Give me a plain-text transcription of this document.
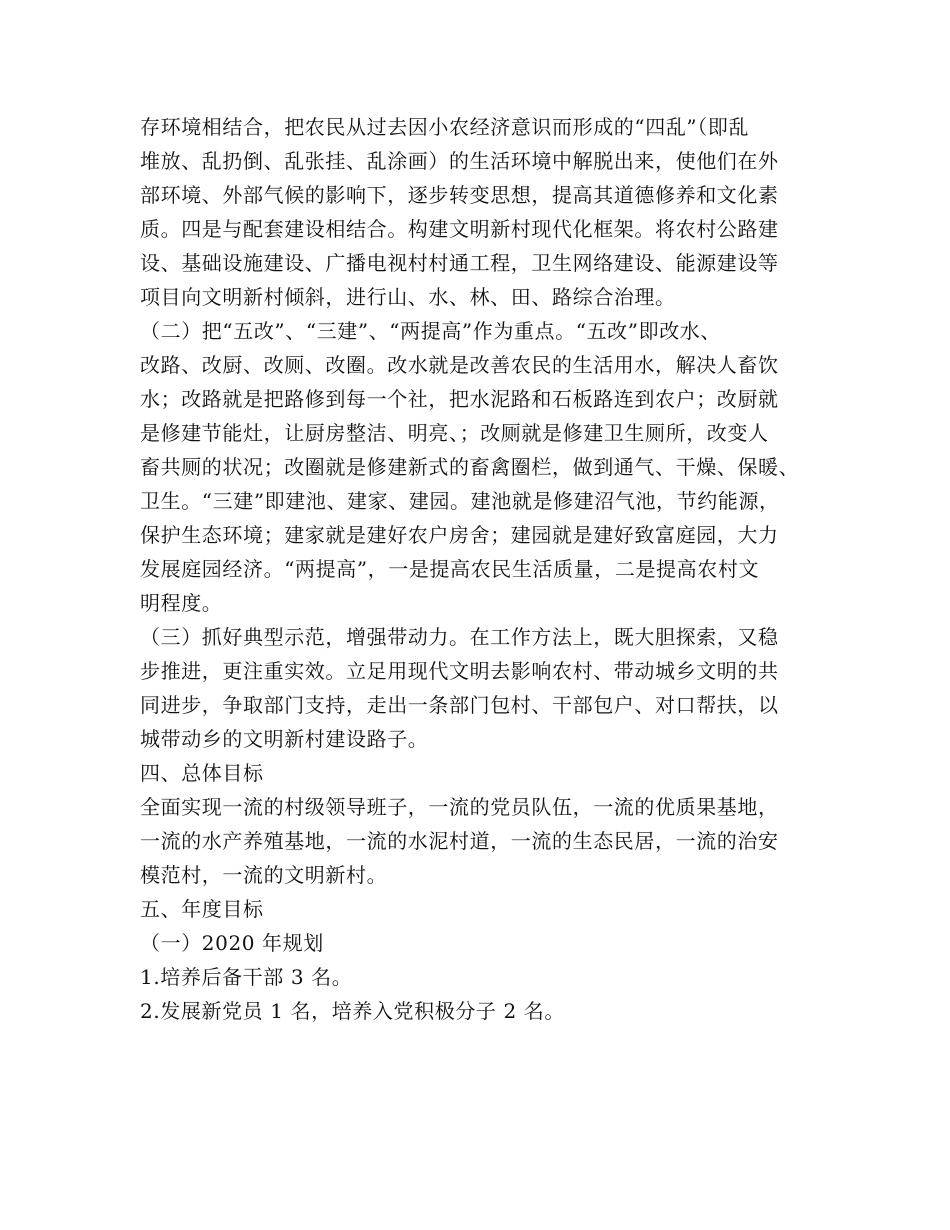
存环境相结合，把农民从过去因小农经济意识而形成的“四乱”（即乱
堆放、乱扔倒、乱张挂、乱涂画）的生活环境中解脱出来，使他们在外
部环境、外部气候的影响下，逐步转变思想，提高其道德修养和文化素
质。四是与配套建设相结合。构建文明新村现代化框架。将农村公路建
设、基础设施建设、广播电视村村通工程，卫生网络建设、能源建设等
项目向文明新村倾斜，进行山、水、林、田、路综合治理。
（二）把“五改”、“三建”、“两提高”作为重点。“五改”即改水、
改路、改厨、改厕、改圈。改水就是改善农民的生活用水，解决人畜饮
水；改路就是把路修到每一个社，把水泥路和石板路连到农户；改厨就
是修建节能灶，让厨房整洁、明亮、；改厕就是修建卫生厕所，改变人
畜共厕的状况；改圈就是修建新式的畜禽圈栏，做到通气、干燥、保暖、
卫生。“三建”即建池、建家、建园。建池就是修建沼气池，节约能源，
保护生态环境；建家就是建好农户房舍；建园就是建好致富庭园，大力
发展庭园经济。“两提高”，一是提高农民生活质量，二是提高农村文
明程度。
（三）抓好典型示范，增强带动力。在工作方法上，既大胆探索，又稳
步推进，更注重实效。立足用现代文明去影响农村、带动城乡文明的共
同进步，争取部门支持，走出一条部门包村、干部包户、对口帮扶，以
城带动乡的文明新村建设路子。
四、总体目标
全面实现一流的村级领导班子，一流的党员队伍，一流的优质果基地，
一流的水产养殖基地，一流的水泥村道，一流的生态民居，一流的治安
模范村，一流的文明新村。
五、年度目标
（一）2020 年规划
1.培养后备干部 3 名。
2.发展新党员 1 名，培养入党积极分子 2 名。
